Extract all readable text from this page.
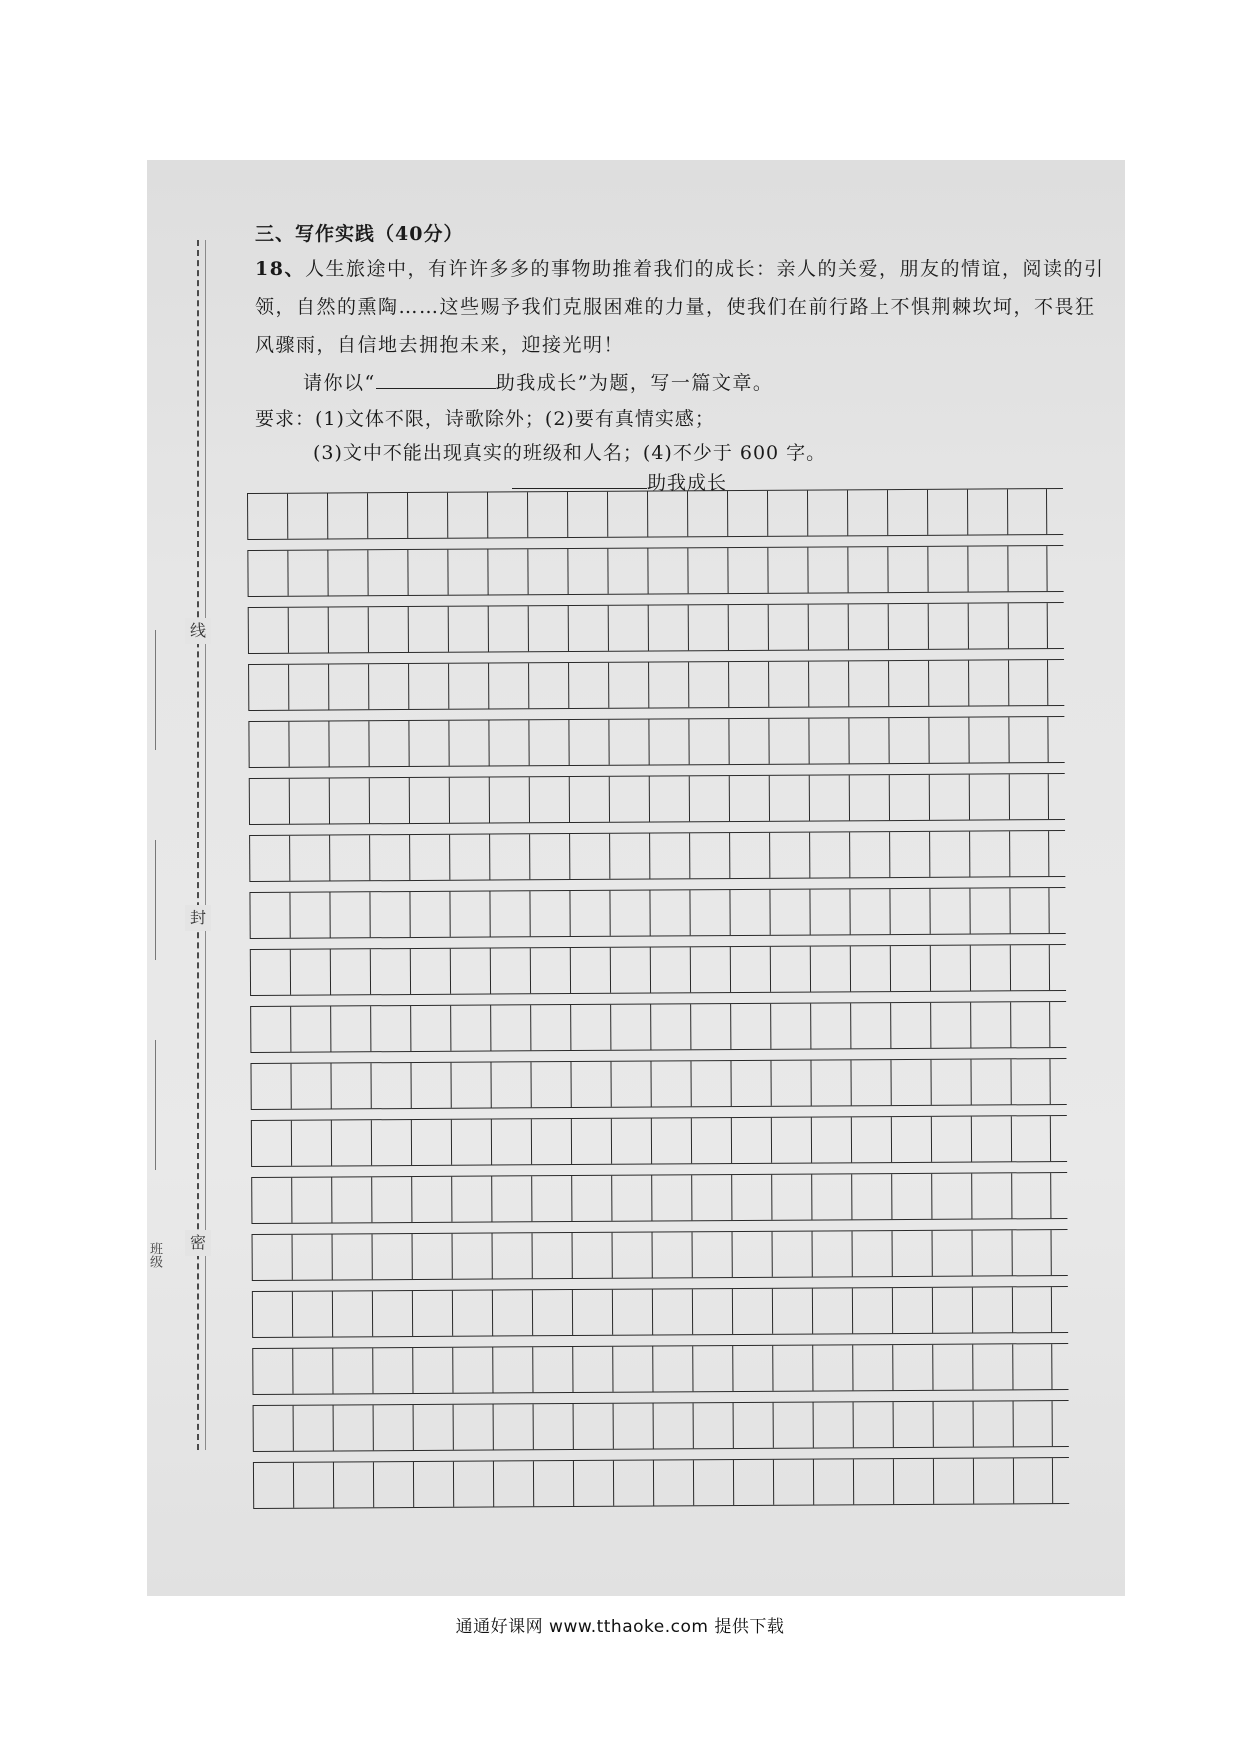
线
封
密
班级

三、写作实践（40分）

18、人生旅途中，有许许多多的事物助推着我们的成长：亲人的关爱，朋友的情谊，阅读的引领，自然的熏陶……这些赐予我们克服困难的力量，使我们在前行路上不惧荆棘坎坷，不畏狂风骤雨，自信地去拥抱未来，迎接光明！

请你以“	助我成长”为题，写一篇文章。

要求：(1)文体不限，诗歌除外；(2)要有真情实感；

(3)文中不能出现真实的班级和人名；(4)不少于 600 字。

助我成长
通通好课网 www.tthaoke.com 提供下载
